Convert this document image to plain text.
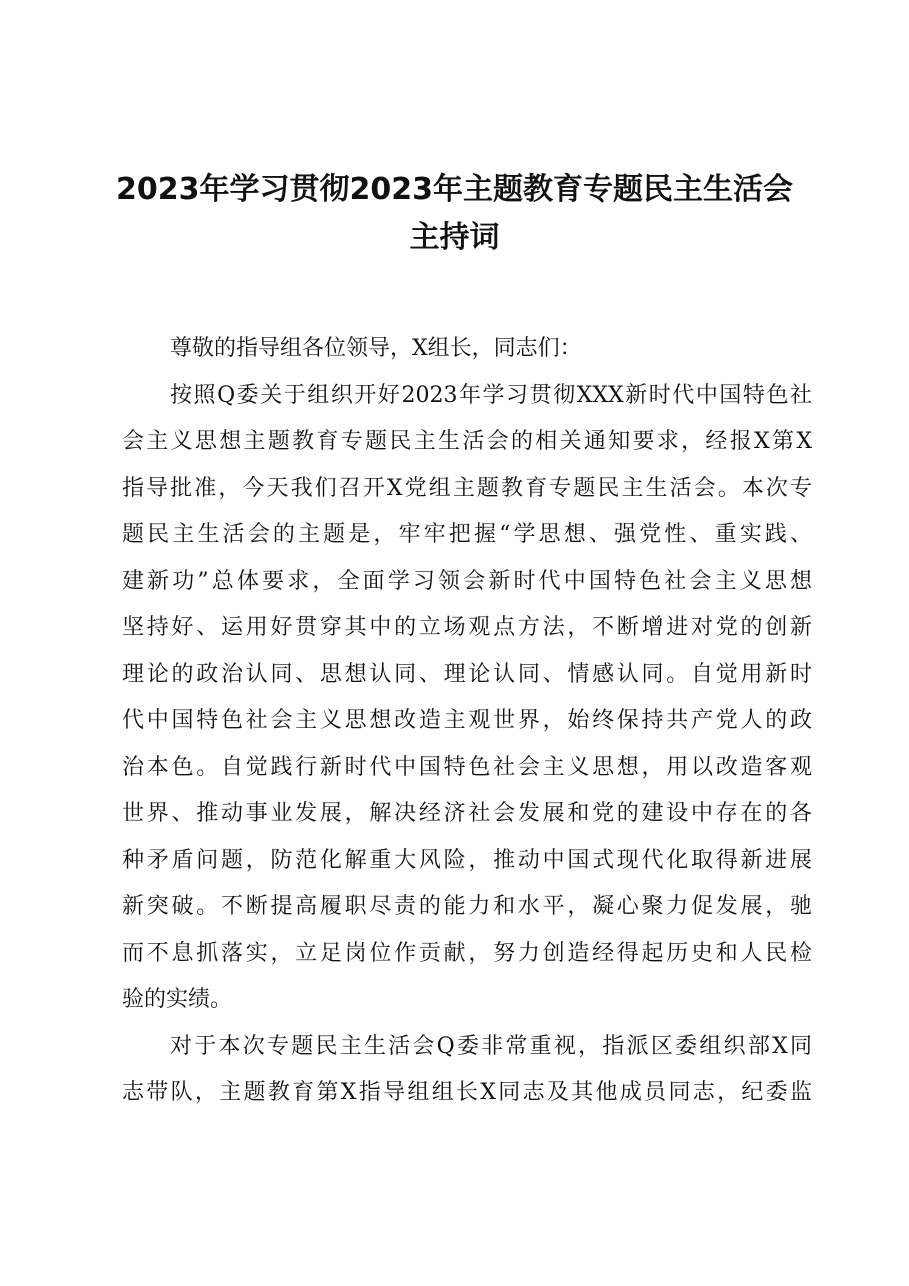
2023年学习贯彻2023年主题教育专题民主生活会
主持词
尊敬的指导组各位领导，X组长，同志们：
按照Q委关于组织开好2023年学习贯彻XXX新时代中国特色社
会主义思想主题教育专题民主生活会的相关通知要求，经报X第X
指导批准，今天我们召开X党组主题教育专题民主生活会。本次专
题民主生活会的主题是，牢牢把握“学思想、强党性、重实践、
建新功”总体要求，全面学习领会新时代中国特色社会主义思想
坚持好、运用好贯穿其中的立场观点方法，不断增进对党的创新
理论的政治认同、思想认同、理论认同、情感认同。自觉用新时
代中国特色社会主义思想改造主观世界，始终保持共产党人的政
治本色。自觉践行新时代中国特色社会主义思想，用以改造客观
世界、推动事业发展，解决经济社会发展和党的建设中存在的各
种矛盾问题，防范化解重大风险，推动中国式现代化取得新进展
新突破。不断提高履职尽责的能力和水平，凝心聚力促发展，驰
而不息抓落实，立足岗位作贡献，努力创造经得起历史和人民检
验的实绩。
对于本次专题民主生活会Q委非常重视，指派区委组织部X同
志带队，主题教育第X指导组组长X同志及其他成员同志，纪委监
